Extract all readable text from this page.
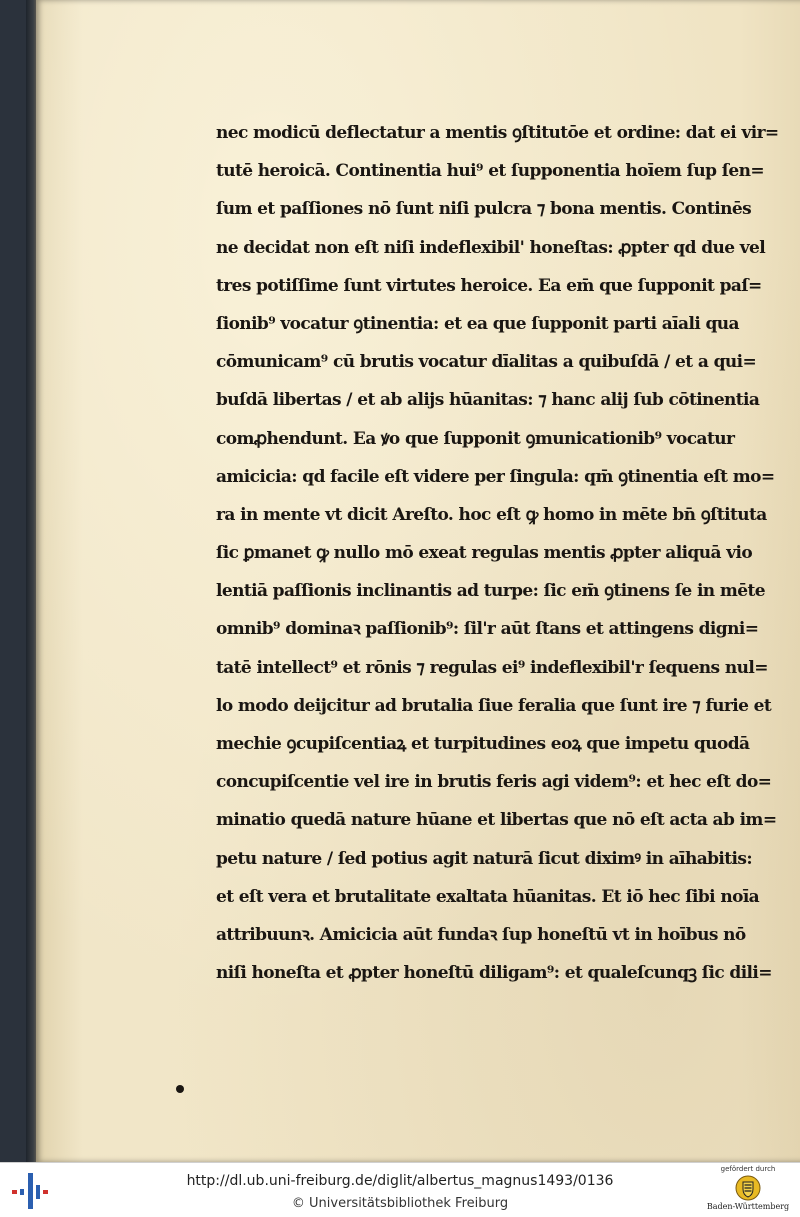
nec modicū deflectatur a mentis ꝯſtitutōe et ordine: dat ei vir=
tutē heroicā. Continentia hui⁹ et ſupponentia hoīem ſup ſen=
ſum et paſſiones nō ſunt niſi pulcra ⁊ bona mentis. Continēs
ne decidat non eſt niſi indeflexibil' honeſtas: ꝓpter qd due vel
tres potiſſime ſunt virtutes heroice. Ea em̄ que ſupponit paſ=
ſionib⁹ vocatur ꝯtinentia: et ea que ſupponit parti aīali qua
cōmunicam⁹ cū brutis vocatur dīalitas a quibuſdā / et a qui=
buſdā libertas / et ab alijs hūanitas: ⁊ hanc alij ſub cōtinentia
comꝓhendunt. Ea ꝟo que ſupponit ꝯmunicationib⁹ vocatur
amicicia: qd facile eſt videre per ſingula: qm̄ ꝯtinentia eſt mo=
ra in mente vt dicit Areſto. hoc eſt ꝙ homo in mēte bn̄ ꝯſtituta
ſic ꝑmanet ꝙ nullo mō exeat regulas mentis ꝓpter aliquā vio
lentiā paſſionis inclinantis ad turpe: ſic em̄ ꝯtinens ſe in mēte
omnib⁹ dominaꝛ paſſionib⁹: ſil'r aūt ſtans et attingens digni=
tatē intellect⁹ et rōnis ⁊ regulas ei⁹ indeflexibil'r ſequens nul=
lo modo deijcitur ad brutalia ſiue feralia que ſunt ire ⁊ furie et
mechie ꝯcupiſcentiaꝝ et turpitudines eoꝝ que impetu quodā
concupiſcentie vel ire in brutis feris agi videm⁹: et hec eſt do=
minatio quedā nature hūane et libertas que nō eſt acta ab im=
petu nature / ſed potius agit naturā ſicut diximꝰ in aīhabitis:
et eſt vera et brutalitate exaltata hūanitas. Et iō hec ſibi noīa
attribuunꝛ. Amicicia aūt fundaꝛ ſup honeſtū vt in hoībus nō
niſi honeſta et ꝓpter honeſtū diligam⁹: et qualeſcunqꝫ ſic dili=
http://dl.ub.uni-freiburg.de/diglit/albertus_magnus1493/0136
© Universitätsbibliothek Freiburg
gefördert durch
Baden-Württemberg
